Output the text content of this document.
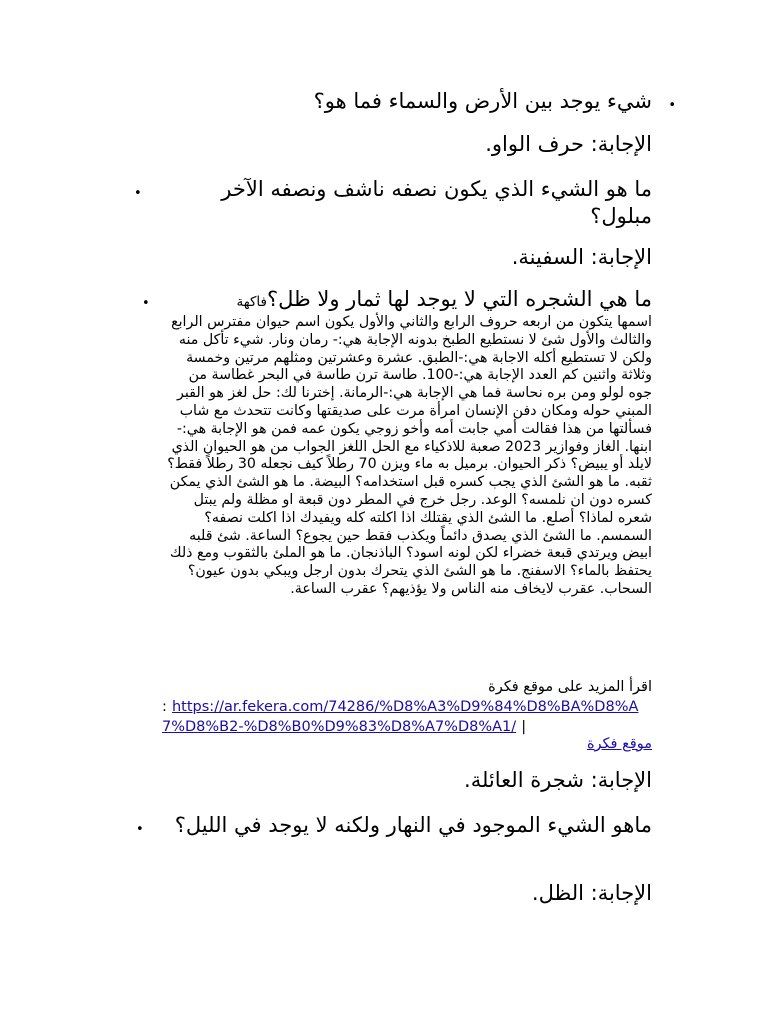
•
شيء يوجد بين الأرض والسماء فما هو؟
الإجابة: حرف الواو.
•	ما هو الشيء الذي يكون نصفه ناشف ونصفه الآخر مبلول؟
الإجابة: السفينة.
•	ما هي الشجره التي لا يوجد لها ثمار ولا ظل؟فاكهة
اسمها يتكون من اربعه حروف الرابع والثاني والأول يكون اسم حيوان مفترس الرابع والثالث والأول شئ لا نستطيع الطبخ بدونه الإجابة هي:- رمان ونار. شيء تأكل منه ولكن لا تستطيع أكله الاجابة هي:-الطبق. عشرة وعشرتين ومثلهم مرتين وخمسة وثلاثة واثنين كم العدد الإجابة هي:-100. طاسة ترن طاسة في البحر غطاسة من جوه لولو ومن بره نحاسة فما هي الإجابة هي:-الرمانة. إخترنا لك: حل لغز هو القبر المبني حوله ومكان دفن الإنسان امرأة مرت على صديقتها وكانت تتحدث مع شاب فسألتها من هذا فقالت أمي جابت أمه وأخو زوجي يكون عمه فمن هو الإجابة هي:-ابنها. الغاز وفوازير 2023 صعبة للاذكياء مع الحل اللغز الجواب من هو الحيوان الذي لايلد أو يبيض؟ ذكر الحيوان. برميل به ماء ويزن 70 رطلاً كيف نجعله 30 رطلاً فقط؟ ثقبه. ما هو الشئ الذي يجب كسره قبل استخدامه؟ البيضة. ما هو الشئ الذي يمكن كسره دون ان نلمسه؟ الوعد. رجل خرج في المطر دون قبعة او مظلة ولم يبتل شعره لماذا؟ أصلع. ما الشئ الذي يقتلك اذا اكلته كله ويفيدك اذا اكلت نصفه؟ السمسم. ما الشئ الذي يصدق دائماً ويكذب فقط حين يجوع؟ الساعة. شئ قلبه ابيض ويرتدي قبعة خضراء لكن لونه اسود؟ الباذنجان. ما هو الملئ بالثقوب ومع ذلك يحتفظ بالماء؟ الاسفنج. ما هو الشئ الذي يتحرك بدون ارجل ويبكي بدون عيون؟ السحاب. عقرب لايخاف منه الناس ولا يؤذيهم؟ عقرب الساعة.
اقرأ المزيد على موقع فكرة
: https://ar.fekera.com/74286/%D8%A3%D9%84%D8%BA%D8%A7%D8%B2-%D8%B0%D9%83%D8%A7%D8%A1/ |
موقع فكرة
الإجابة: شجرة العائلة.
• ماهو الشيء الموجود في النهار ولكنه لا يوجد في الليل؟
الإجابة: الظل.
